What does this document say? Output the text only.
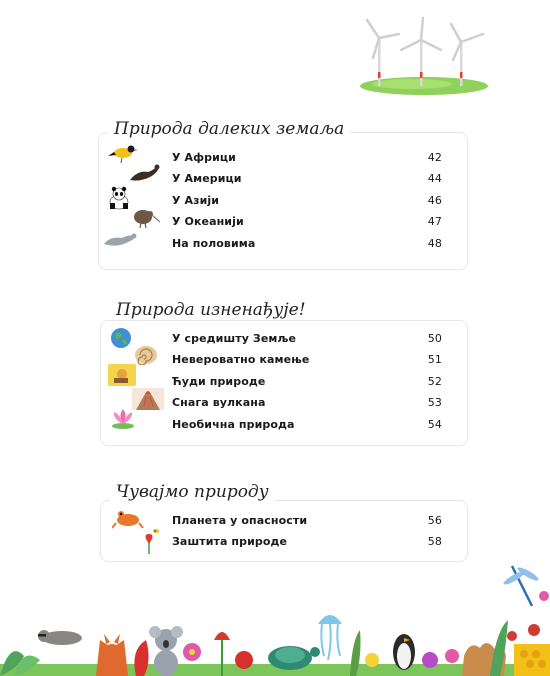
Природа далеких земаља
У Африци	42
У Америци	44
У Азији	46
У Океанији	47
На половима	48
Природа изненађује!
У средишту Земље	50
Невероватно камење	51
Ћуди природе	52
Снага вулкана	53
Необична природа	54
Чувајмо природу
Планета у опасности	56
Заштита природе	58
